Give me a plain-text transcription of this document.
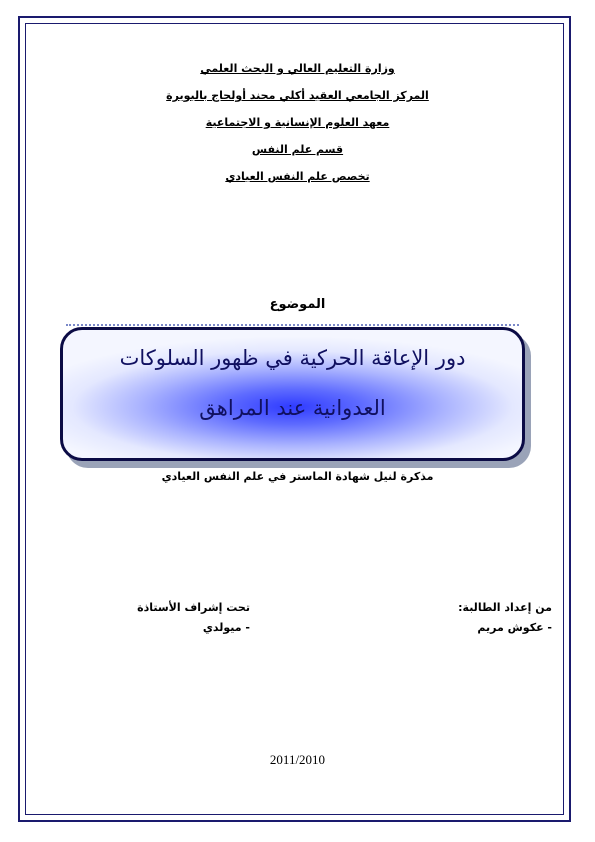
وزارة التعليم العالي و البحث العلمي
المركز الجامعي العقيد أكلي محند أولحاج بالبويرة
معهد العلوم الإنسانية و الاجتماعية
قسم علم النفس
تخصص علم النفس العيادي
الموضوع
دور الإعاقة الحركية في ظهور السلوكات
العدوانية عند المراهق
مذكرة لنيل شهادة الماستر في علم النفس العيادي
من إعداد الطالبة:
- عكوش مريم
تحت إشراف الأستاذة
- ميولدي
2011/2010
